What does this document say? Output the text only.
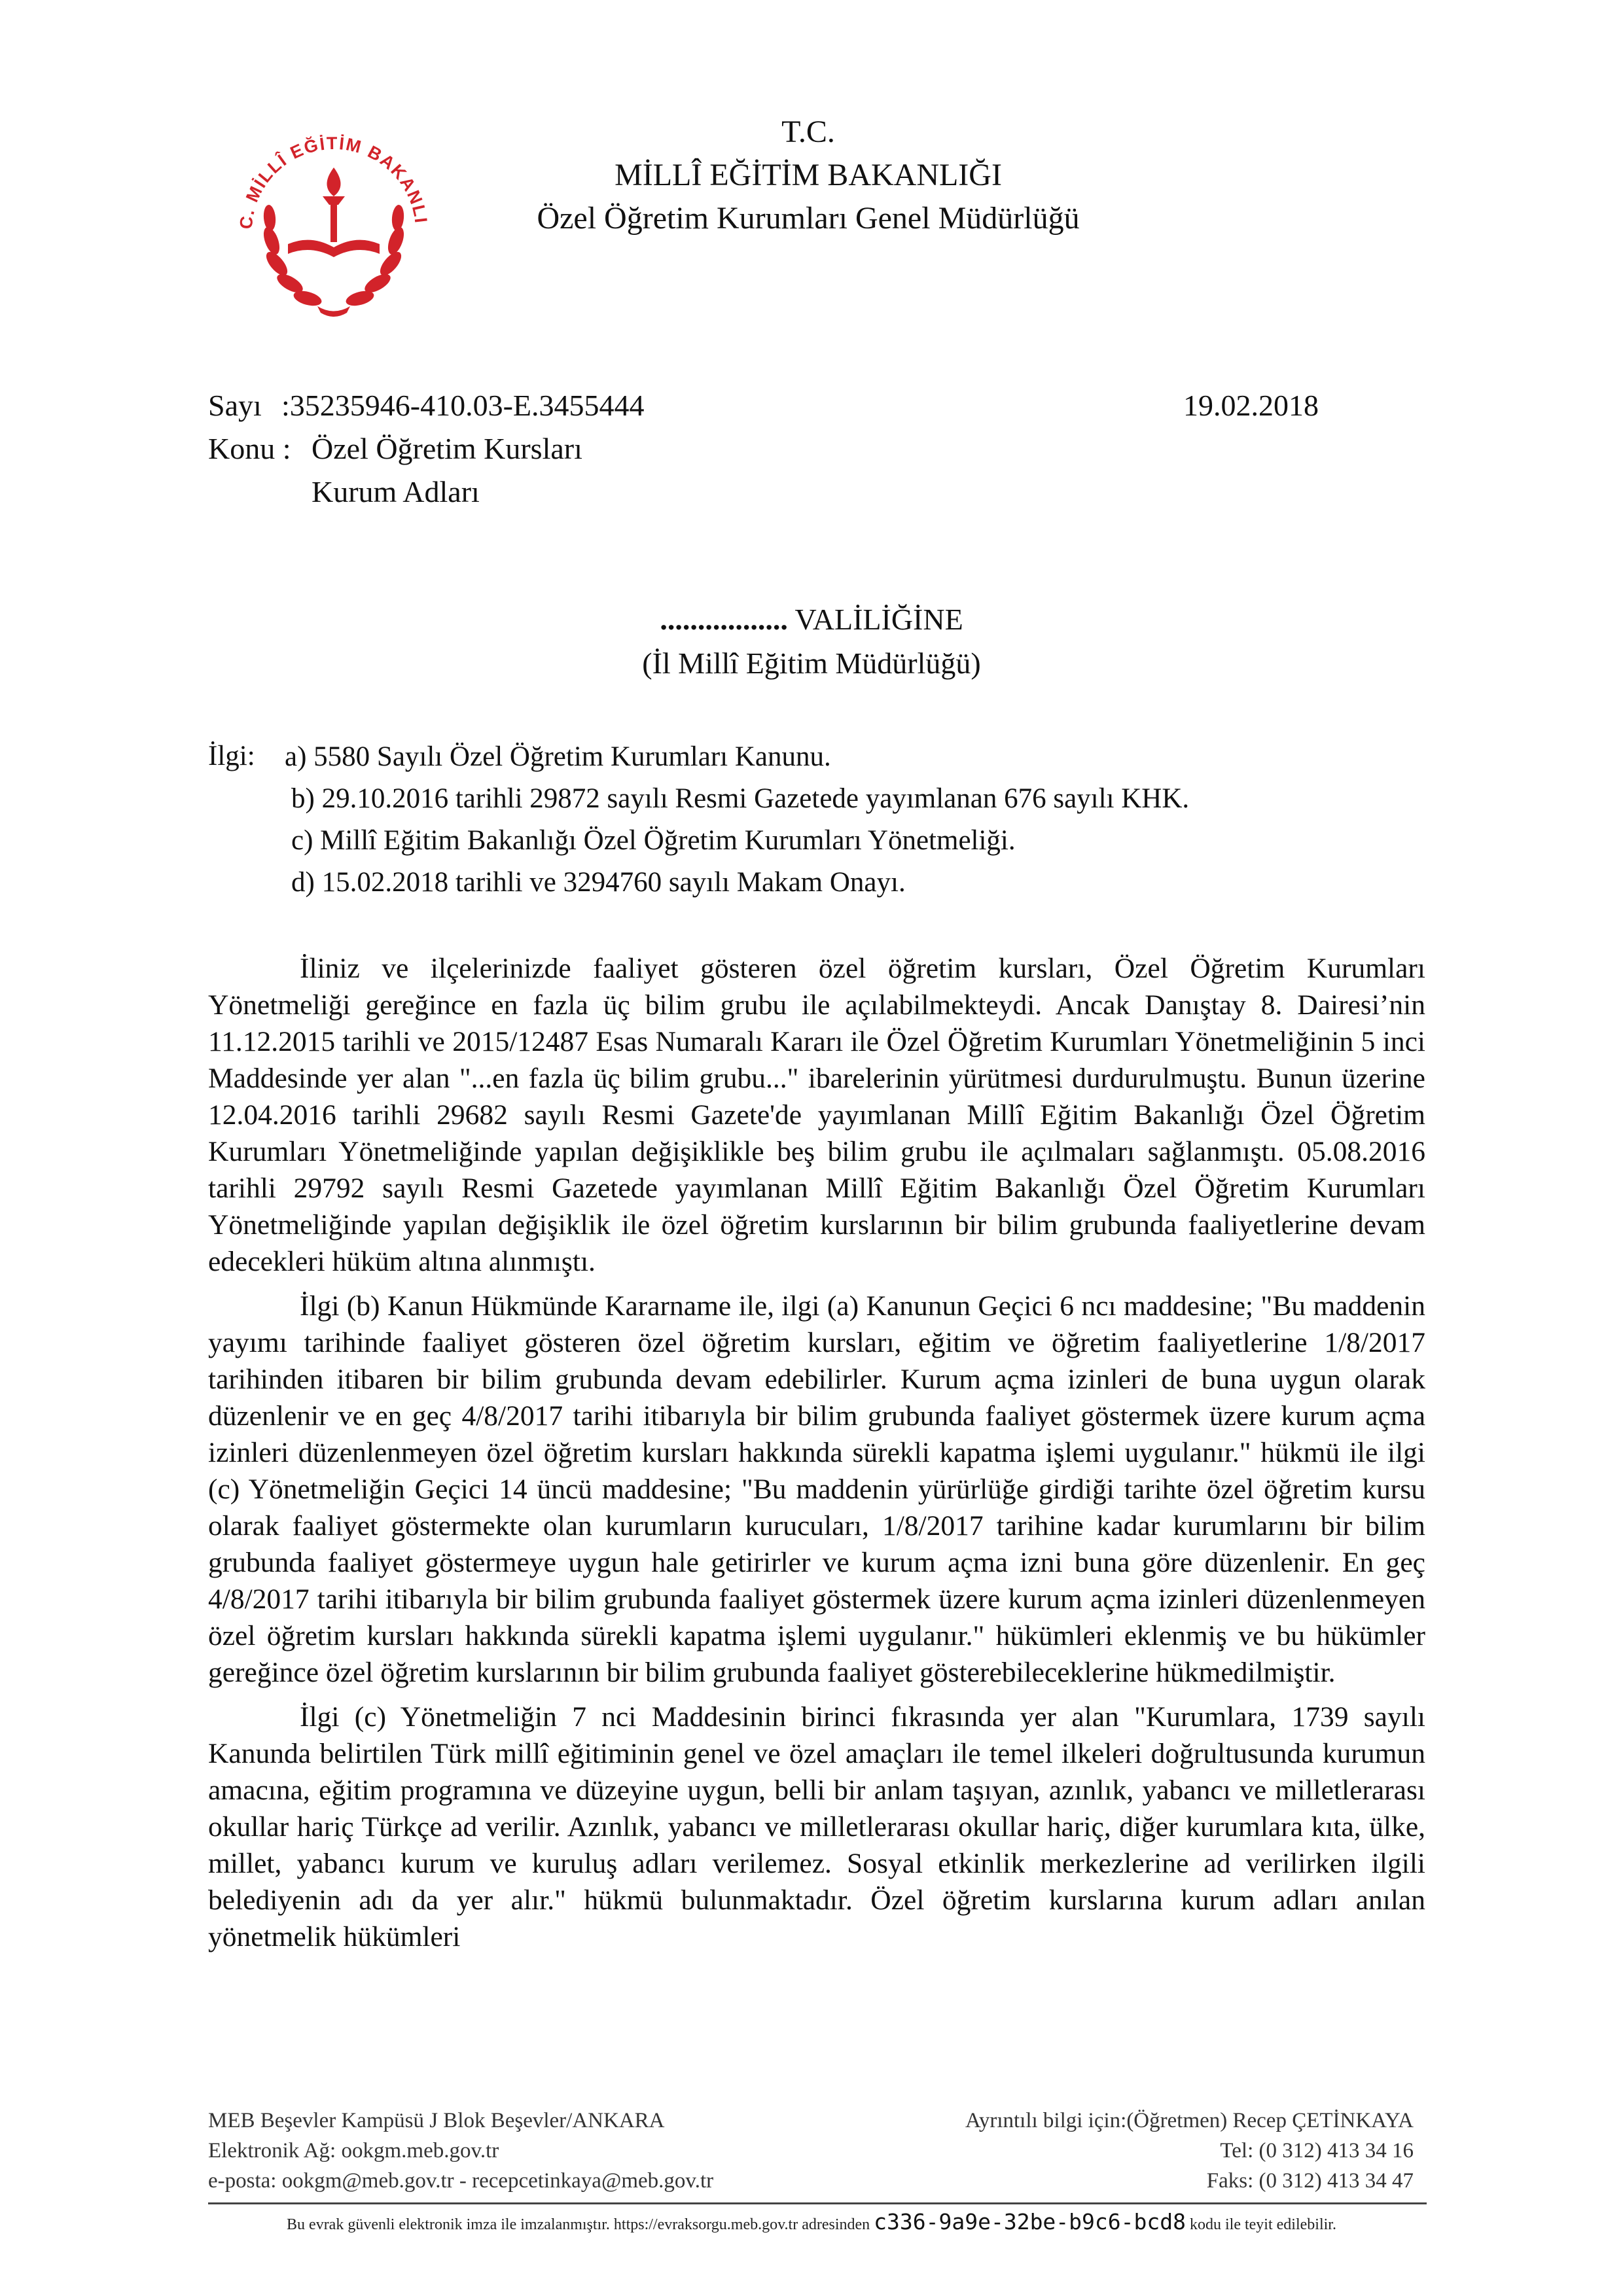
C. MİLLÎ EĞİTİM BAKANLI
T.C.
MİLLÎ EĞİTİM BAKANLIĞI
Özel Öğretim Kurumları Genel Müdürlüğü
Sayı :35235946-410.03-E.3455444	19.02.2018
Konu : Özel Öğretim Kursları
Kurum Adları
................. VALİLİĞİNE
(İl Millî Eğitim Müdürlüğü)
İlgi: a) 5580 Sayılı Özel Öğretim Kurumları Kanunu.
b) 29.10.2016 tarihli 29872 sayılı Resmi Gazetede yayımlanan 676 sayılı KHK.
c) Millî Eğitim Bakanlığı Özel Öğretim Kurumları Yönetmeliği.
d) 15.02.2018 tarihli ve 3294760 sayılı Makam Onayı.

İliniz ve ilçelerinizde faaliyet gösteren özel öğretim kursları, Özel Öğretim Kurumları Yönetmeliği gereğince en fazla üç bilim grubu ile açılabilmekteydi. Ancak Danıştay 8. Dairesi’nin 11.12.2015 tarihli ve 2015/12487 Esas Numaralı Kararı ile Özel Öğretim Kurumları Yönetmeliğinin 5 inci Maddesinde yer alan "...en fazla üç bilim grubu..." ibarelerinin yürütmesi durdurulmuştu. Bunun üzerine 12.04.2016 tarihli 29682 sayılı Resmi Gazete'de yayımlanan Millî Eğitim Bakanlığı Özel Öğretim Kurumları Yönetmeliğinde yapılan değişiklikle beş bilim grubu ile açılmaları sağlanmıştı. 05.08.2016 tarihli 29792 sayılı Resmi Gazetede yayımlanan Millî Eğitim Bakanlığı Özel Öğretim Kurumları Yönetmeliğinde yapılan değişiklik ile özel öğretim kurslarının bir bilim grubunda faaliyetlerine devam edecekleri hüküm altına alınmıştı.

İlgi (b) Kanun Hükmünde Kararname ile, ilgi (a) Kanunun Geçici 6 ncı maddesine; "Bu maddenin yayımı tarihinde faaliyet gösteren özel öğretim kursları, eğitim ve öğretim faaliyetlerine 1/8/2017 tarihinden itibaren bir bilim grubunda devam edebilirler. Kurum açma izinleri de buna uygun olarak düzenlenir ve en geç 4/8/2017 tarihi itibarıyla bir bilim grubunda faaliyet göstermek üzere kurum açma izinleri düzenlenmeyen özel öğretim kursları hakkında sürekli kapatma işlemi uygulanır." hükmü ile ilgi (c) Yönetmeliğin Geçici 14 üncü maddesine; "Bu maddenin yürürlüğe girdiği tarihte özel öğretim kursu olarak faaliyet göstermekte olan kurumların kurucuları, 1/8/2017 tarihine kadar kurumlarını bir bilim grubunda faaliyet göstermeye uygun hale getirirler ve kurum açma izni buna göre düzenlenir. En geç 4/8/2017 tarihi itibarıyla bir bilim grubunda faaliyet göstermek üzere kurum açma izinleri düzenlenmeyen özel öğretim kursları hakkında sürekli kapatma işlemi uygulanır." hükümleri eklenmiş ve bu hükümler gereğince özel öğretim kurslarının bir bilim grubunda faaliyet gösterebileceklerine hükmedilmiştir.

İlgi (c) Yönetmeliğin 7 nci Maddesinin birinci fıkrasında yer alan "Kurumlara, 1739 sayılı Kanunda belirtilen Türk millî eğitiminin genel ve özel amaçları ile temel ilkeleri doğrultusunda kurumun amacına, eğitim programına ve düzeyine uygun, belli bir anlam taşıyan, azınlık, yabancı ve milletlerarası okullar hariç Türkçe ad verilir. Azınlık, yabancı ve milletlerarası okullar hariç, diğer kurumlara kıta, ülke, millet, yabancı kurum ve kuruluş adları verilemez. Sosyal etkinlik merkezlerine ad verilirken ilgili belediyenin adı da yer alır." hükmü bulunmaktadır. Özel öğretim kurslarına kurum adları anılan yönetmelik hükümleri

MEB Beşevler Kampüsü J Blok Beşevler/ANKARA
Elektronik Ağ: ookgm.meb.gov.tr
e-posta: ookgm@meb.gov.tr - recepcetinkaya@meb.gov.tr
Ayrıntılı bilgi için:(Öğretmen) Recep ÇETİNKAYA
Tel: (0 312) 413 34 16
Faks: (0 312) 413 34 47
Bu evrak güvenli elektronik imza ile imzalanmıştır. https://evraksorgu.meb.gov.tr adresinden c336-9a9e-32be-b9c6-bcd8 kodu ile teyit edilebilir.
